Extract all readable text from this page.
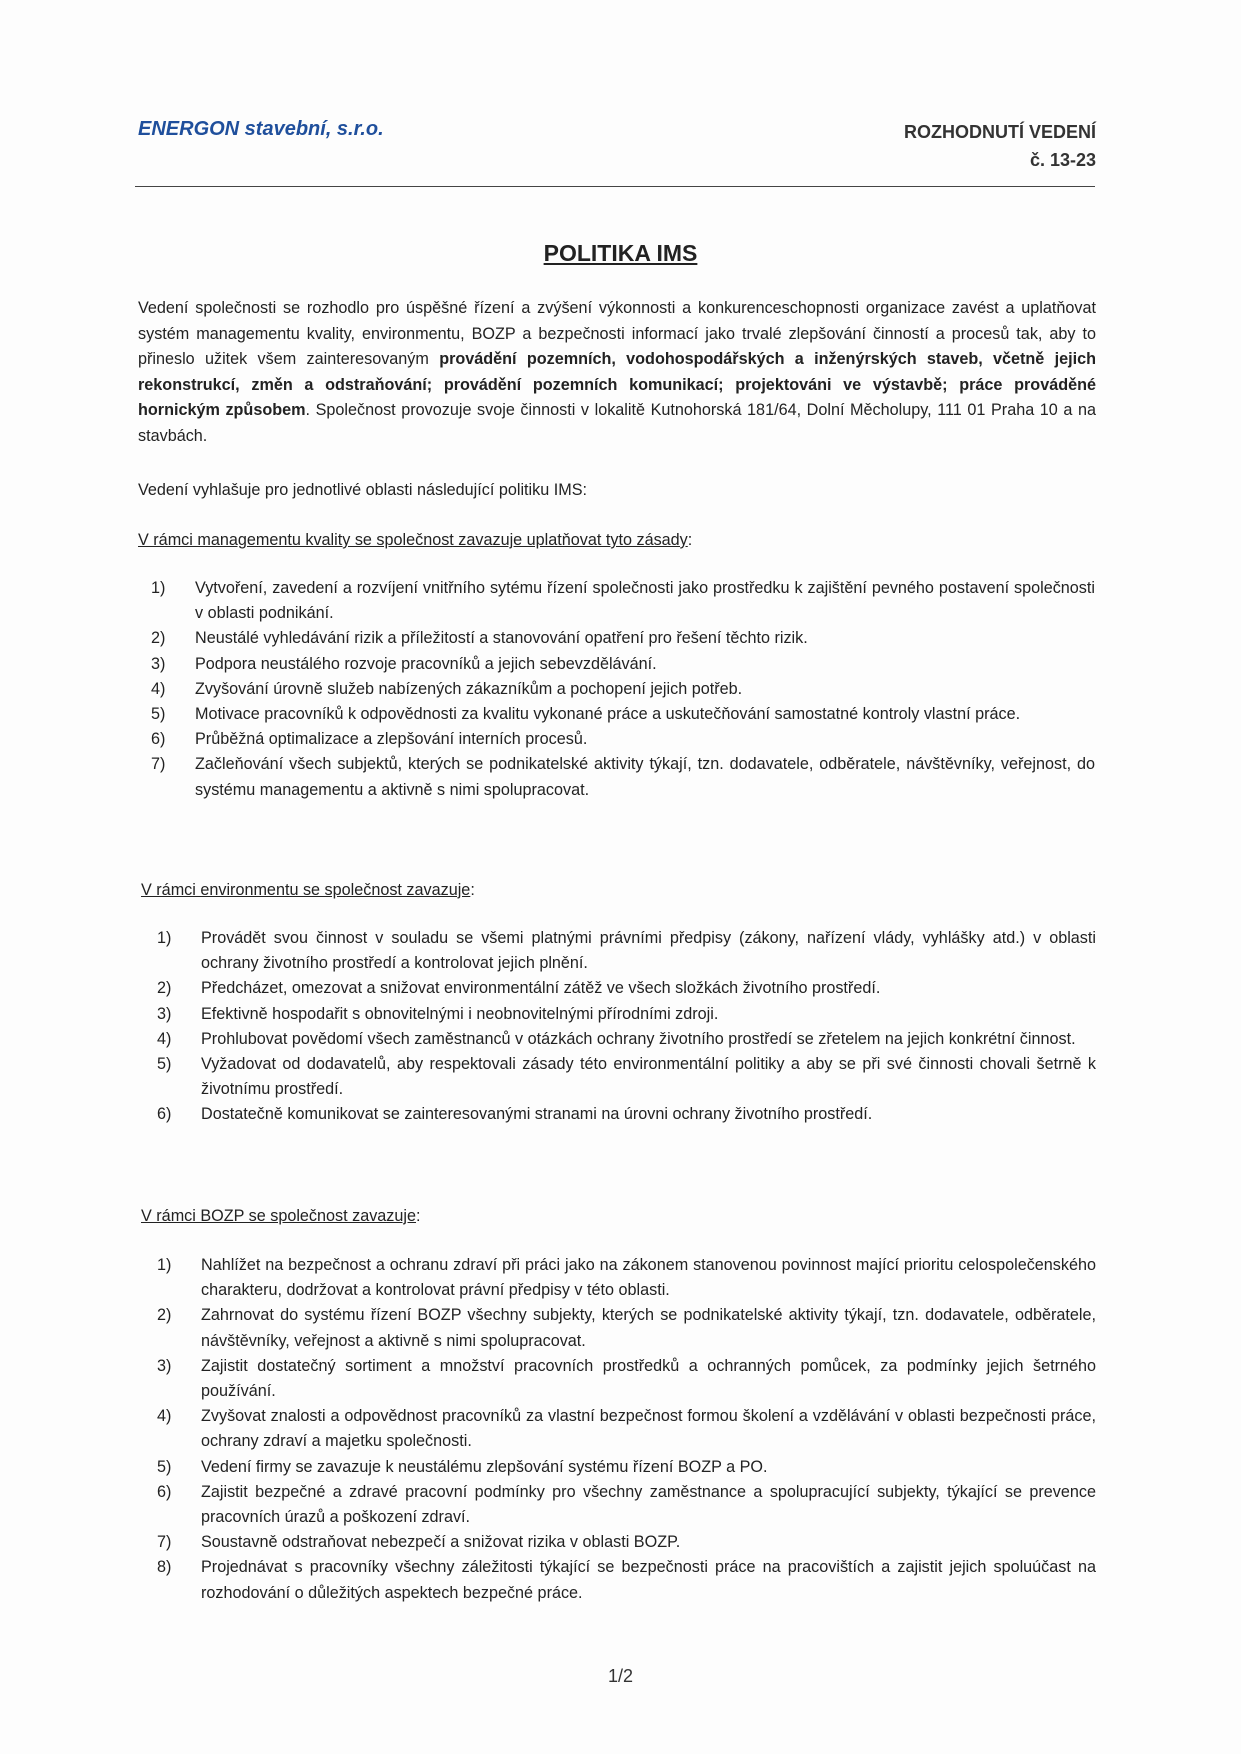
ENERGON stavební, s.r.o.	ROZHODNUTÍ VEDENÍ
č. 13-23
POLITIKA IMS
Vedení společnosti se rozhodlo pro úspěšné řízení a zvýšení výkonnosti a konkurenceschopnosti organizace zavést a uplatňovat systém managementu kvality, environmentu, BOZP a bezpečnosti informací jako trvalé zlepšování činností a procesů tak, aby to přineslo užitek všem zainteresovaným provádění pozemních, vodohospodářských a inženýrských staveb, včetně jejich rekonstrukcí, změn a odstraňování; provádění pozemních komunikací; projektováni ve výstavbě; práce prováděné hornickým způsobem. Společnost provozuje svoje činnosti v lokalitě Kutnohorská 181/64, Dolní Měcholupy, 111 01 Praha 10 a na stavbách.
Vedení vyhlašuje pro jednotlivé oblasti následující politiku IMS:
V rámci managementu kvality se společnost zavazuje uplatňovat tyto zásady:
1) Vytvoření, zavedení a rozvíjení vnitřního sytému řízení společnosti jako prostředku k zajištění pevného postavení společnosti v oblasti podnikání.
2) Neustálé vyhledávání rizik a příležitostí a stanovování opatření pro řešení těchto rizik.
3) Podpora neustálého rozvoje pracovníků a jejich sebevzdělávání.
4) Zvyšování úrovně služeb nabízených zákazníkům a pochopení jejich potřeb.
5) Motivace pracovníků k odpovědnosti za kvalitu vykonané práce a uskutečňování samostatné kontroly vlastní práce.
6) Průběžná optimalizace a zlepšování interních procesů.
7) Začleňování všech subjektů, kterých se podnikatelské aktivity týkají, tzn. dodavatele, odběratele, návštěvníky, veřejnost, do systému managementu a aktivně s nimi spolupracovat.
V rámci environmentu se společnost zavazuje:
1) Provádět svou činnost v souladu se všemi platnými právními předpisy (zákony, nařízení vlády, vyhlášky atd.) v oblasti ochrany životního prostředí a kontrolovat jejich plnění.
2) Předcházet, omezovat a snižovat environmentální zátěž ve všech složkách životního prostředí.
3) Efektivně hospodařit s obnovitelnými i neobnovitelnými přírodními zdroji.
4) Prohlubovat povědomí všech zaměstnanců v otázkách ochrany životního prostředí se zřetelem na jejich konkrétní činnost.
5) Vyžadovat od dodavatelů, aby respektovali zásady této environmentální politiky a aby se při své činnosti chovali šetrně k životnímu prostředí.
6) Dostatečně komunikovat se zainteresovanými stranami na úrovni ochrany životního prostředí.
V rámci BOZP se společnost zavazuje:
1) Nahlížet na bezpečnost a ochranu zdraví při práci jako na zákonem stanovenou povinnost mající prioritu celospolečenského charakteru, dodržovat a kontrolovat právní předpisy v této oblasti.
2) Zahrnovat do systému řízení BOZP všechny subjekty, kterých se podnikatelské aktivity týkají, tzn. dodavatele, odběratele, návštěvníky, veřejnost a aktivně s nimi spolupracovat.
3) Zajistit dostatečný sortiment a množství pracovních prostředků a ochranných pomůcek, za podmínky jejich šetrného používání.
4) Zvyšovat znalosti a odpovědnost pracovníků za vlastní bezpečnost formou školení a vzdělávání v oblasti bezpečnosti práce, ochrany zdraví a majetku společnosti.
5) Vedení firmy se zavazuje k neustálému zlepšování systému řízení BOZP a PO.
6) Zajistit bezpečné a zdravé pracovní podmínky pro všechny zaměstnance a spolupracující subjekty, týkající se prevence pracovních úrazů a poškození zdraví.
7) Soustavně odstraňovat nebezpečí a snižovat rizika v oblasti BOZP.
8) Projednávat s pracovníky všechny záležitosti týkající se bezpečnosti práce na pracovištích a zajistit jejich spoluúčast na rozhodování o důležitých aspektech bezpečné práce.
1/2
